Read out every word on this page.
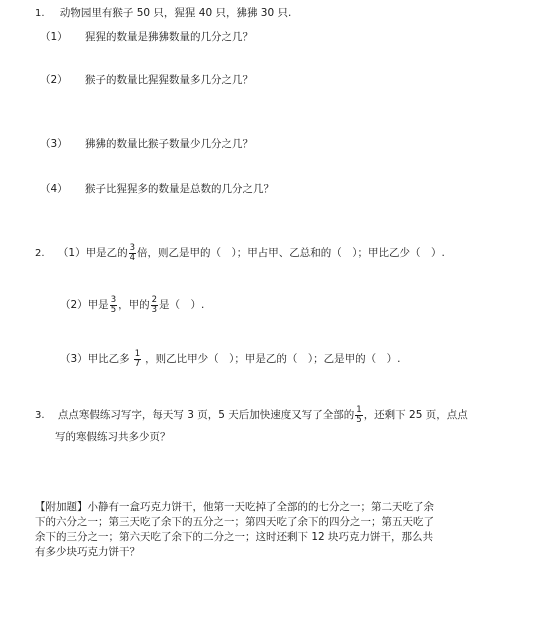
1. 动物园里有猴子 50 只，猩猩 40 只，狒狒 30 只.
（1） 猩猩的数量是狒狒数量的几分之几？
（2） 猴子的数量比猩猩数量多几分之几？
（3） 狒狒的数量比猴子数量少几分之几？
（4） 猴子比猩猩多的数量是总数的几分之几？
2. （1）甲是乙的 $\frac{3}{4}$ 倍，则乙是甲的（　）；甲占甲、乙总和的（　）；甲比乙少（　）.
（2）甲是 $\frac{3}{5}$ ，甲的 $\frac{2}{3}$ 是（　）.
（3）甲比乙多 $\frac{1}{7}$ ，则乙比甲少（　）；甲是乙的（　）；乙是甲的（　）.
3. 点点寒假练习写字，每天写 3 页，5 天后加快速度又写了全部的 $\frac{1}{5}$ ，还剩下 25 页，点点
写的寒假练习共多少页？
【附加题】小静有一盒巧克力饼干，他第一天吃掉了全部的的七分之一；第二天吃了余
下的六分之一；第三天吃了余下的五分之一；第四天吃了余下的四分之一；第五天吃了
余下的三分之一；第六天吃了余下的二分之一；这时还剩下 12 块巧克力饼干，那么共
有多少块巧克力饼干？
